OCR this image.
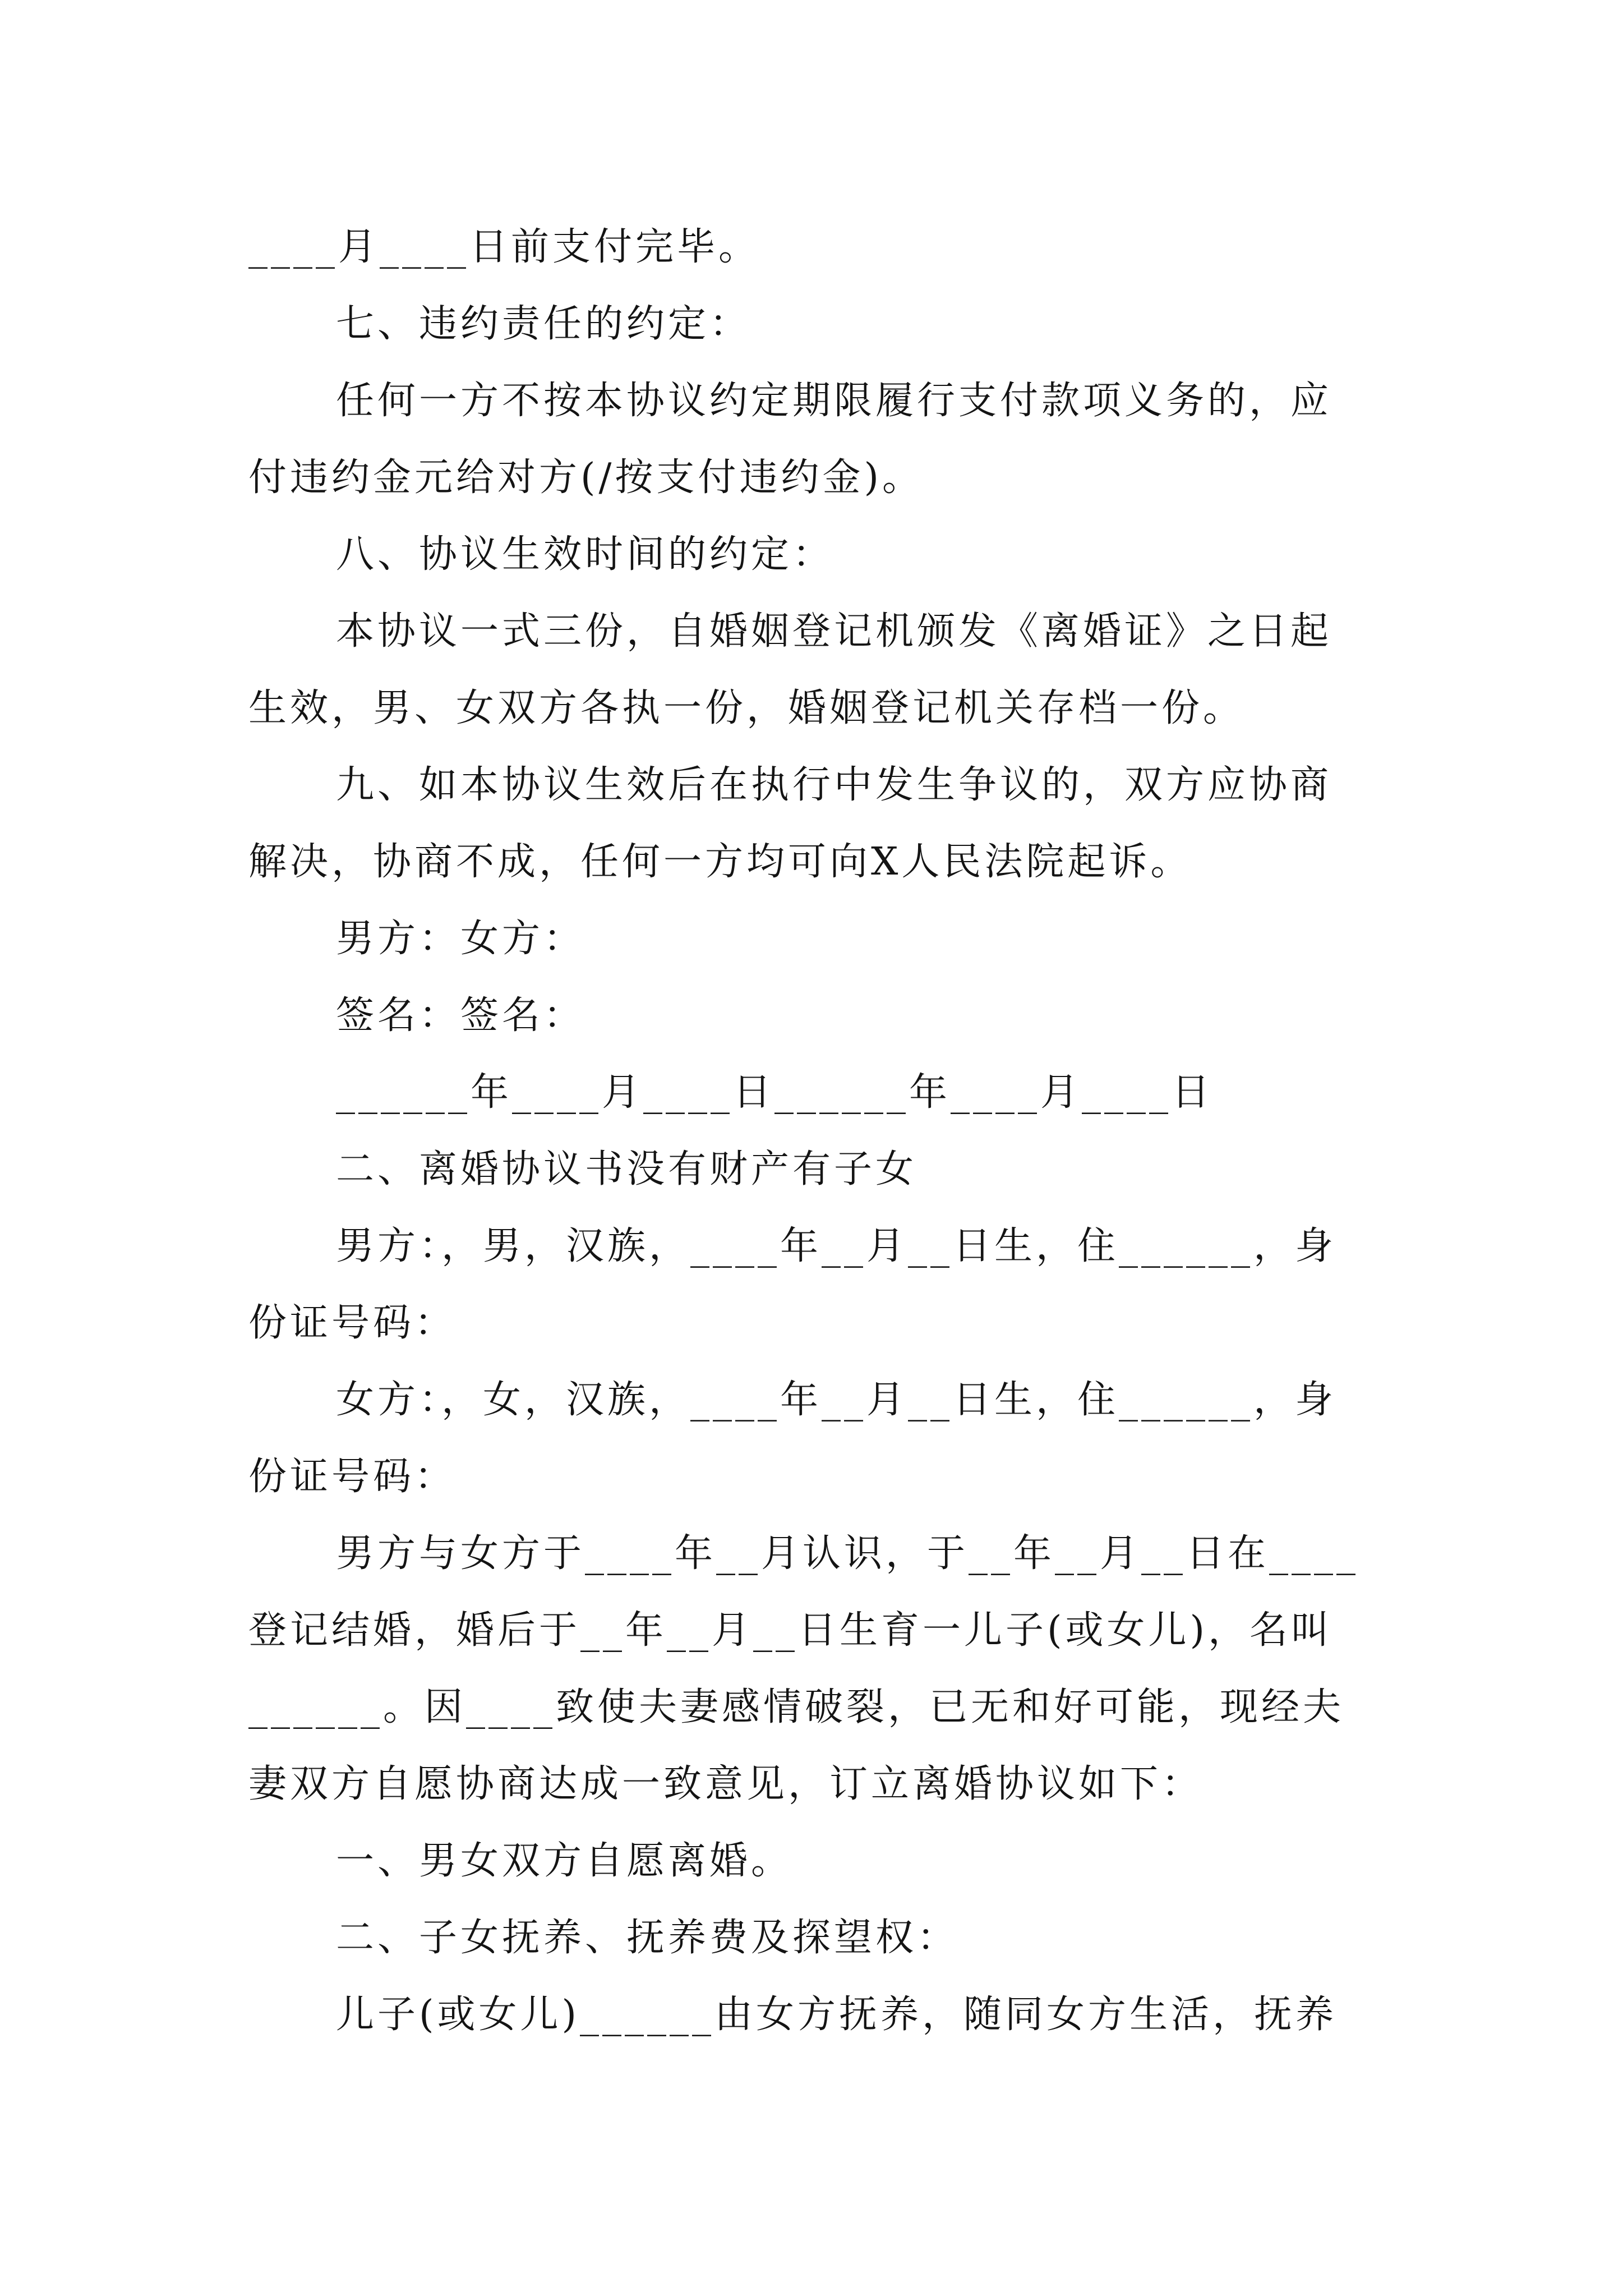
____月____日前支付完毕。
七、违约责任的约定：
任何一方不按本协议约定期限履行支付款项义务的，应
付违约金元给对方(/按支付违约金)。
八、协议生效时间的约定：
本协议一式三份，自婚姻登记机颁发《离婚证》之日起
生效，男、女双方各执一份，婚姻登记机关存档一份。
九、如本协议生效后在执行中发生争议的，双方应协商
解决，协商不成，任何一方均可向X人民法院起诉。
男方：女方：
签名：签名：
______年____月____日______年____月____日
二、离婚协议书没有财产有子女
男方：，男，汉族，____年__月__日生，住______，身
份证号码：
女方：，女，汉族，____年__月__日生，住______，身
份证号码：
男方与女方于____年__月认识，于__年__月__日在____
登记结婚，婚后于__年__月__日生育一儿子(或女儿)，名叫
______。因____致使夫妻感情破裂，已无和好可能，现经夫
妻双方自愿协商达成一致意见，订立离婚协议如下：
一、男女双方自愿离婚。
二、子女抚养、抚养费及探望权：
儿子(或女儿)______由女方抚养，随同女方生活，抚养
